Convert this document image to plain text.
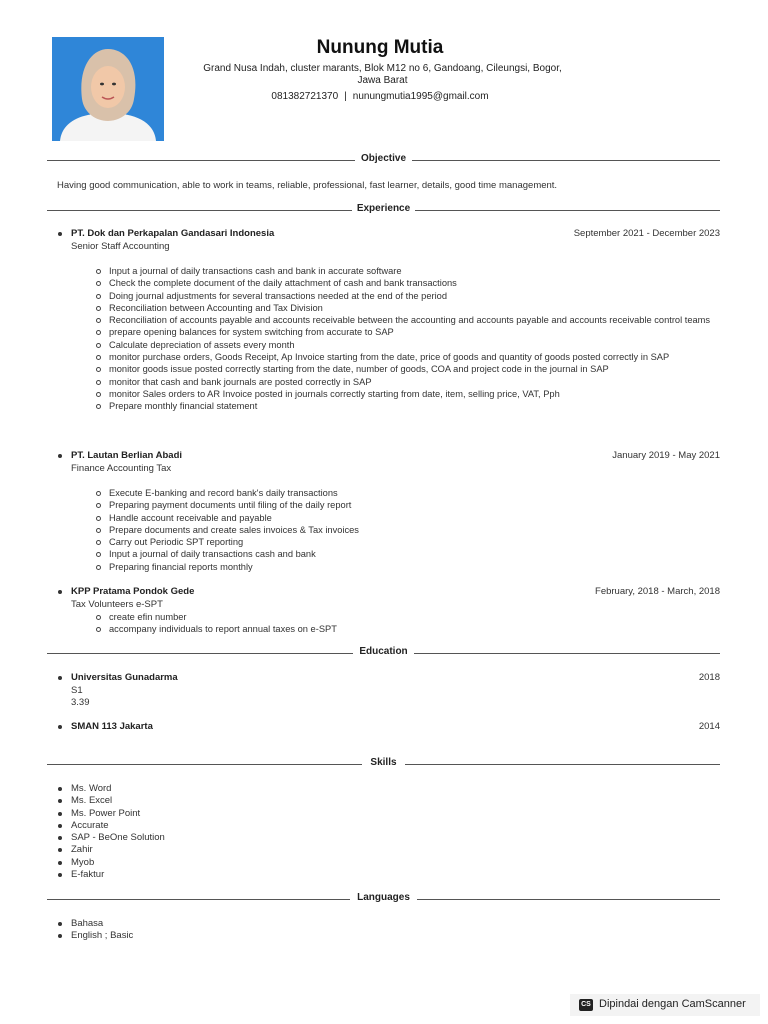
Nunung Mutia
Grand Nusa Indah, cluster marants, Blok M12 no 6, Gandoang, Cileungsi, Bogor,
Jawa Barat
081382721370 | nunungmutia1995@gmail.com
Objective
Having good communication, able to work in teams, reliable, professional, fast learner, details, good time management.
Experience
PT. Dok dan Perkapalan Gandasari Indonesia	September 2021 - December 2023
Senior Staff Accounting
Input a journal of daily transactions cash and bank in accurate software
Check the complete document of the daily attachment of cash and bank transactions
Doing journal adjustments for several transactions needed at the end of the period
Reconciliation between Accounting and Tax Division
Reconciliation of accounts payable and accounts receivable between the accounting and accounts payable and accounts receivable control teams
prepare opening balances for system switching from accurate to SAP
Calculate depreciation of assets every month
monitor purchase orders, Goods Receipt, Ap Invoice starting from the date, price of goods and quantity of goods posted correctly in SAP
monitor goods issue posted correctly starting from the date, number of goods, COA and project code in the journal in SAP
monitor that cash and bank journals are posted correctly in SAP
monitor Sales orders to AR Invoice posted in journals correctly starting from date, item, selling price, VAT, Pph
Prepare monthly financial statement
PT. Lautan Berlian Abadi	January 2019 - May 2021
Finance Accounting Tax
Execute E-banking and record bank's daily transactions
Preparing payment documents until filing of the daily report
Handle account receivable and payable
Prepare documents and create sales invoices & Tax invoices
Carry out Periodic SPT reporting
Input a journal of daily transactions cash and bank
Preparing financial reports monthly
KPP Pratama Pondok Gede	February, 2018 - March, 2018
Tax Volunteers e-SPT
create efin number
accompany individuals to report annual taxes on e-SPT
Education
Universitas Gunadarma	2018
S1
3.39
SMAN 113 Jakarta	2014
Skills
Ms. Word
Ms. Excel
Ms. Power Point
Accurate
SAP - BeOne Solution
Zahir
Myob
E-faktur
Languages
Bahasa
English ; Basic
CS Dipindai dengan CamScanner
